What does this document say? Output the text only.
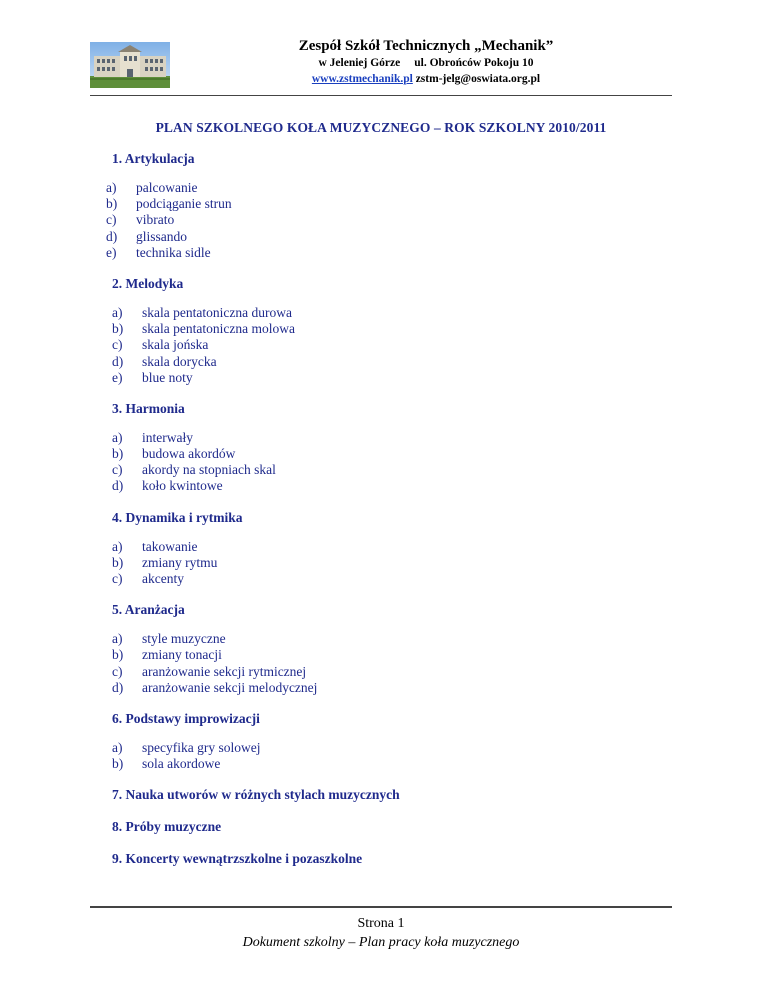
Zespół Szkół Technicznych „Mechanik”
w Jeleniej Górze ul. Obrońców Pokoju 10
www.zstmechanik.pl zstm-jelg@oswiata.org.pl
PLAN SZKOLNEGO KOŁA MUZYCZNEGO – ROK SZKOLNY 2010/2011

1. Artykulacja

a) palcowanie
b) podciąganie strun
c) vibrato
d) glissando
e) technika sidle

2. Melodyka

a) skala pentatoniczna durowa
b) skala pentatoniczna molowa
c) skala jońska
d) skala dorycka
e) blue noty

3. Harmonia

a) interwały
b) budowa akordów
c) akordy na stopniach skal
d) koło kwintowe

4. Dynamika i rytmika

a) takowanie
b) zmiany rytmu
c) akcenty

5. Aranżacja

a) style muzyczne
b) zmiany tonacji
c) aranżowanie sekcji rytmicznej
d) aranżowanie sekcji melodycznej

6. Podstawy improwizacji

a) specyfika gry solowej
b) sola akordowe

7. Nauka utworów w różnych stylach muzycznych

8. Próby muzyczne

9. Koncerty wewnątrzszkolne i pozaszkolne

Strona 1
Dokument szkolny – Plan pracy koła muzycznego
